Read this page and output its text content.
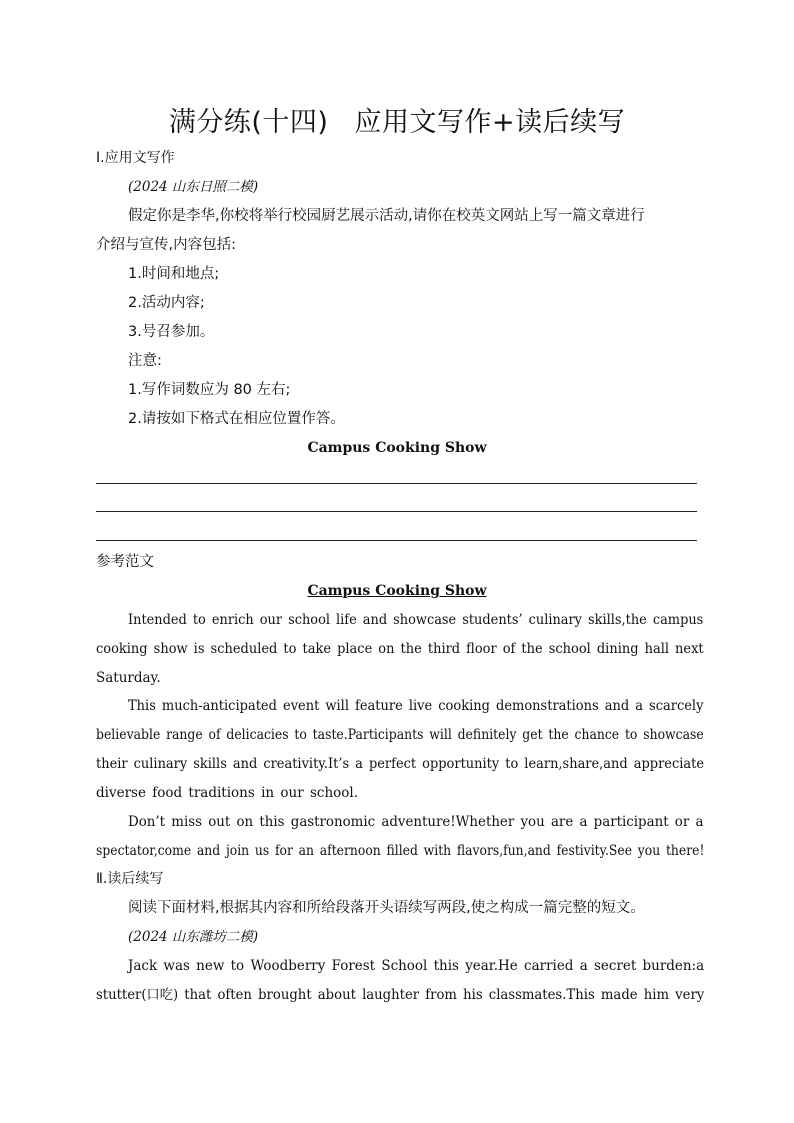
满分练(十四) 应用文写作+读后续写
Ⅰ.应用文写作
(2024 山东日照二模)
假定你是李华,你校将举行校园厨艺展示活动,请你在校英文网站上写一篇文章进行
介绍与宣传,内容包括:
1.时间和地点;
2.活动内容;
3.号召参加。
注意:
1.写作词数应为 80 左右;
2.请按如下格式在相应位置作答。
Campus Cooking Show
参考范文
Campus Cooking Show
Intended to enrich our school life and showcase students’ culinary skills,the campus
cooking show is scheduled to take place on the third floor of the school dining hall next
Saturday.
This much-anticipated event will feature live cooking demonstrations and a scarcely
believable range of delicacies to taste.Participants will definitely get the chance to showcase
their culinary skills and creativity.It’s a perfect opportunity to learn,share,and appreciate
diverse food traditions in our school.
Don’t miss out on this gastronomic adventure!Whether you are a participant or a
spectator,come and join us for an afternoon filled with flavors,fun,and festivity.See you there!
Ⅱ.读后续写
阅读下面材料,根据其内容和所给段落开头语续写两段,使之构成一篇完整的短文。
(2024 山东潍坊二模)
Jack was new to Woodberry Forest School this year.He carried a secret burden:a
stutter(口吃) that often brought about laughter from his classmates.This made him very
